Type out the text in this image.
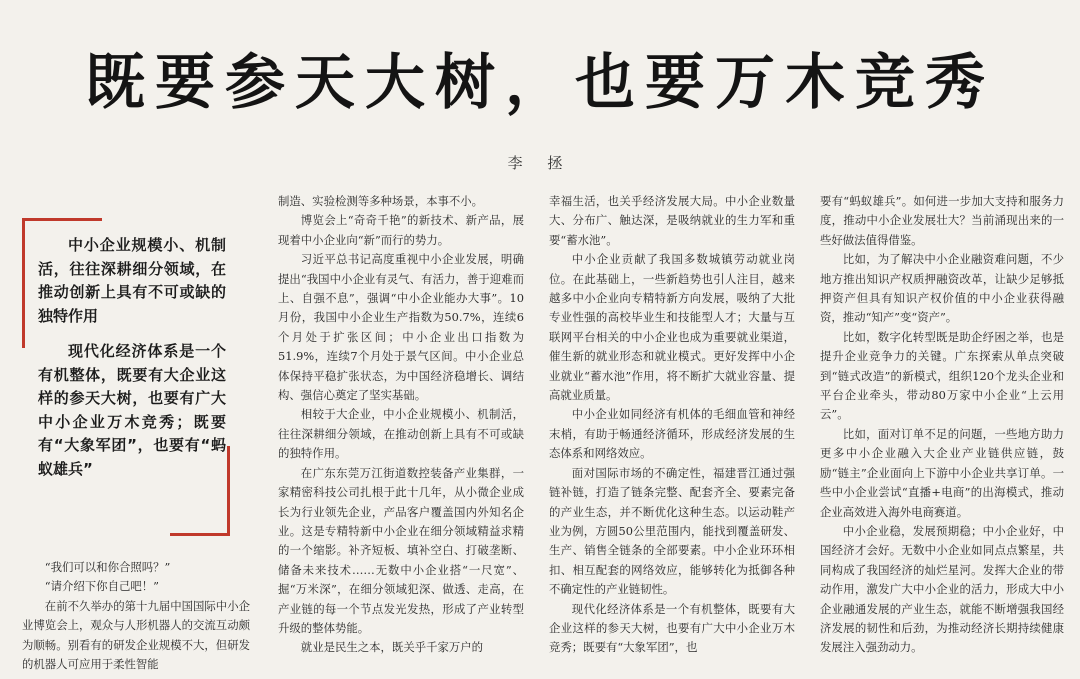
既要参天大树，也要万木竞秀
李 拯

中小企业规模小、机制活，往往深耕细分领域，在推动创新上具有不可或缺的独特作用

现代化经济体系是一个有机整体，既要有大企业这样的参天大树，也要有广大中小企业万木竞秀；既要有“大象军团”，也要有“蚂蚁雄兵”

“我们可以和你合照吗？”

“请介绍下你自己吧！”

在前不久举办的第十九届中国国际中小企业博览会上，观众与人形机器人的交流互动颇为顺畅。别看有的研发企业规模不大，但研发的机器人可应用于柔性智能

制造、实验检测等多种场景，本事不小。

博览会上“奇奇千艳”的新技术、新产品，展现着中小企业向“新”而行的势力。

习近平总书记高度重视中小企业发展，明确提出“我国中小企业有灵气、有活力，善于迎难而上、自强不息”，强调“中小企业能办大事”。10月份，我国中小企业生产指数为50.7%，连续6个月处于扩张区间；中小企业出口指数为51.9%，连续7个月处于景气区间。中小企业总体保持平稳扩张状态，为中国经济稳增长、调结构、强信心奠定了坚实基础。

相较于大企业，中小企业规模小、机制活，往往深耕细分领域，在推动创新上具有不可或缺的独特作用。

在广东东莞万江街道数控装备产业集群，一家精密科技公司扎根于此十几年，从小微企业成长为行业领先企业，产品客户覆盖国内外知名企业。这是专精特新中小企业在细分领域精益求精的一个缩影。补齐短板、填补空白、打破垄断、储备未来技术……无数中小企业搭“一尺宽”、掘“万米深”，在细分领域犯深、做透、走高，在产业链的每一个节点发光发热，形成了产业转型升级的整体势能。

就业是民生之本，既关乎千家万户的

幸福生活，也关乎经济发展大局。中小企业数量大、分布广、触达深，是吸纳就业的生力军和重要“蓄水池”。

中小企业贡献了我国多数城镇劳动就业岗位。在此基础上，一些新趋势也引人注目，越来越多中小企业向专精特新方向发展，吸纳了大批专业性强的高校毕业生和技能型人才；大量与互联网平台相关的中小企业也成为重要就业渠道，催生新的就业形态和就业模式。更好发挥中小企业就业“蓄水池”作用，将不断扩大就业容量、提高就业质量。

中小企业如同经济有机体的毛细血管和神经末梢，有助于畅通经济循环，形成经济发展的生态体系和网络效应。

面对国际市场的不确定性，福建晋江通过强链补链，打造了链条完整、配套齐全、要素完备的产业生态，并不断优化这种生态。以运动鞋产业为例，方圆50公里范围内，能找到覆盖研发、生产、销售全链条的全部要素。中小企业环环相扣、相互配套的网络效应，能够转化为抵御各种不确定性的产业链韧性。

现代化经济体系是一个有机整体，既要有大企业这样的参天大树，也要有广大中小企业万木竞秀；既要有“大象军团”，也

要有“蚂蚁雄兵”。如何进一步加大支持和服务力度，推动中小企业发展壮大？当前涌现出来的一些好做法值得借鉴。

比如，为了解决中小企业融资难问题，不少地方推出知识产权质押融资改革，让缺少足够抵押资产但具有知识产权价值的中小企业获得融资，推动“知产”变“资产”。

比如，数字化转型既是助企纾困之举，也是提升企业竞争力的关键。广东探索从单点突破到“链式改造”的新模式，组织120个龙头企业和平台企业牵头，带动80万家中小企业“上云用云”。

比如，面对订单不足的问题，一些地方助力更多中小企业融入大企业产业链供应链，鼓励“链主”企业面向上下游中小企业共享订单。一些中小企业尝试“直播+电商”的出海模式，推动企业高效进入海外电商赛道。

中小企业稳，发展预期稳；中小企业好，中国经济才会好。无数中小企业如同点点繁星，共同构成了我国经济的灿烂星河。发挥大企业的带动作用，激发广大中小企业的活力，形成大中小企业融通发展的产业生态，就能不断增强我国经济发展的韧性和后劲，为推动经济长期持续健康发展注入强劲动力。
